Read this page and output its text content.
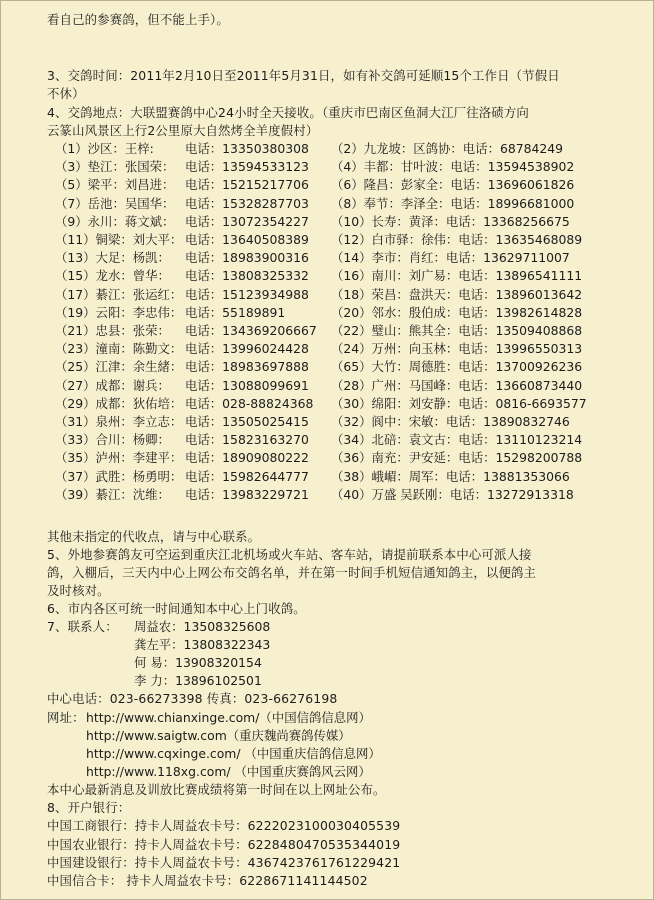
看自己的参赛鸽，但不能上手）。
3、交鸽时间：2011年2月10日至2011年5月31日，如有补交鸽可延顺15个工作日（节假日
不休）
4、交鸽地点：大联盟赛鸽中心24小时全天接收。（重庆市巴南区鱼洞大江厂往洛碛方向
云篆山风景区上行2公里原大自然烤全羊度假村）
（1）沙区：王梓:	电话：13350380308 （2）九龙坡：区鸽协：电话：68784249
（3）垫江：张国荣： 电话：13594533123 （4）丰都：甘叶波：电话：13594538902
（5）梁平：刘昌进： 电话：15215217706 （6）隆昌：彭家全：电话：13696061826
（7）岳池：吴国华： 电话：15328287703 （8）奉节：李泽全：电话：18996681000
（9）永川：蒋文斌： 电话：13072354227 （10）长寿：黄泽：电话：13368256675
（11）铜梁：刘大平： 电话：13640508389 （12）白市驿：徐伟：电话：13635468089
（13）大足：杨凯： 电话：18983900316 （14）李市：肖红：电话：13629711007
（15）龙水：曾华： 电话：13808325332 （16）南川：刘广易：电话：13896541111
（17）綦江：张运红： 电话：15123934988 （18）荣昌：盘洪天：电话：13896013642
（19）云阳：李忠伟： 电话：55189891	（20）邻水：殷伯成：电话：13982614828
（21）忠县：张荣： 电话：134369206667 （22）璧山：熊其全：电话：13509408868
（23）潼南：陈勤文： 电话：13996024428 （24）万州：向玉林：电话：13996550313
（25）江津：余生緒： 电话：18983697888 （65）大竹：周德胜：电话：13700926236
（27）成都：谢兵： 电话：13088099691 （28）广州：马国峰：电话：13660873440
（29）成都：狄佑培： 电话：028-88824368 （30）绵阳：刘安静：电话：0816-6693577
（31）泉州：李立志： 电话：13505025415 （32）阆中：宋敏：电话：13890832746
（33）合川：杨卿： 电话：15823163270 （34）北碚：袁文古：电话：13110123214
（35）泸州：李建平： 电话：18909080222 （36）南充：尹安延：电话：15298200788
（37）武胜：杨勇明： 电话：15982644777 （38）峨嵋：周军：电话：13881353066
（39）綦江：沈维： 电话：13983229721 （40）万盛 吴跃刚：电话：13272913318
其他未指定的代收点，请与中心联系。
5、外地参赛鸽友可空运到重庆江北机场或火车站、客车站，请提前联系本中心可派人接
鸽，入棚后，三天内中心上网公布交鸽名单，并在第一时间手机短信通知鸽主，以便鸽主
及时核对。
6、市内各区可统一时间通知本中心上门收鸽。
7、联系人： 周益农：13508325608
龚左平：13808322343
何 易：13908320154
李 力：13896102501
中心电话：023-66273398 传真：023-66276198
网址： http://www.chianxinge.com/（中国信鸽信息网）
http://www.saigtw.com（重庆魏尚赛鸽传媒）
http://www.cqxinge.com/ （中国重庆信鸽信息网）
http://www.118xg.com/ （中国重庆赛鸽风云网）
本中心最新消息及训放比赛成绩将第一时间在以上网址公布。
8、开户银行：
中国工商银行：持卡人周益农卡号：6222023100030405539
中国农业银行：持卡人周益农卡号：6228480470535344019
中国建设银行：持卡人周益农卡号：4367423761761229421
中国信合卡： 持卡人周益农卡号：6228671141144502
